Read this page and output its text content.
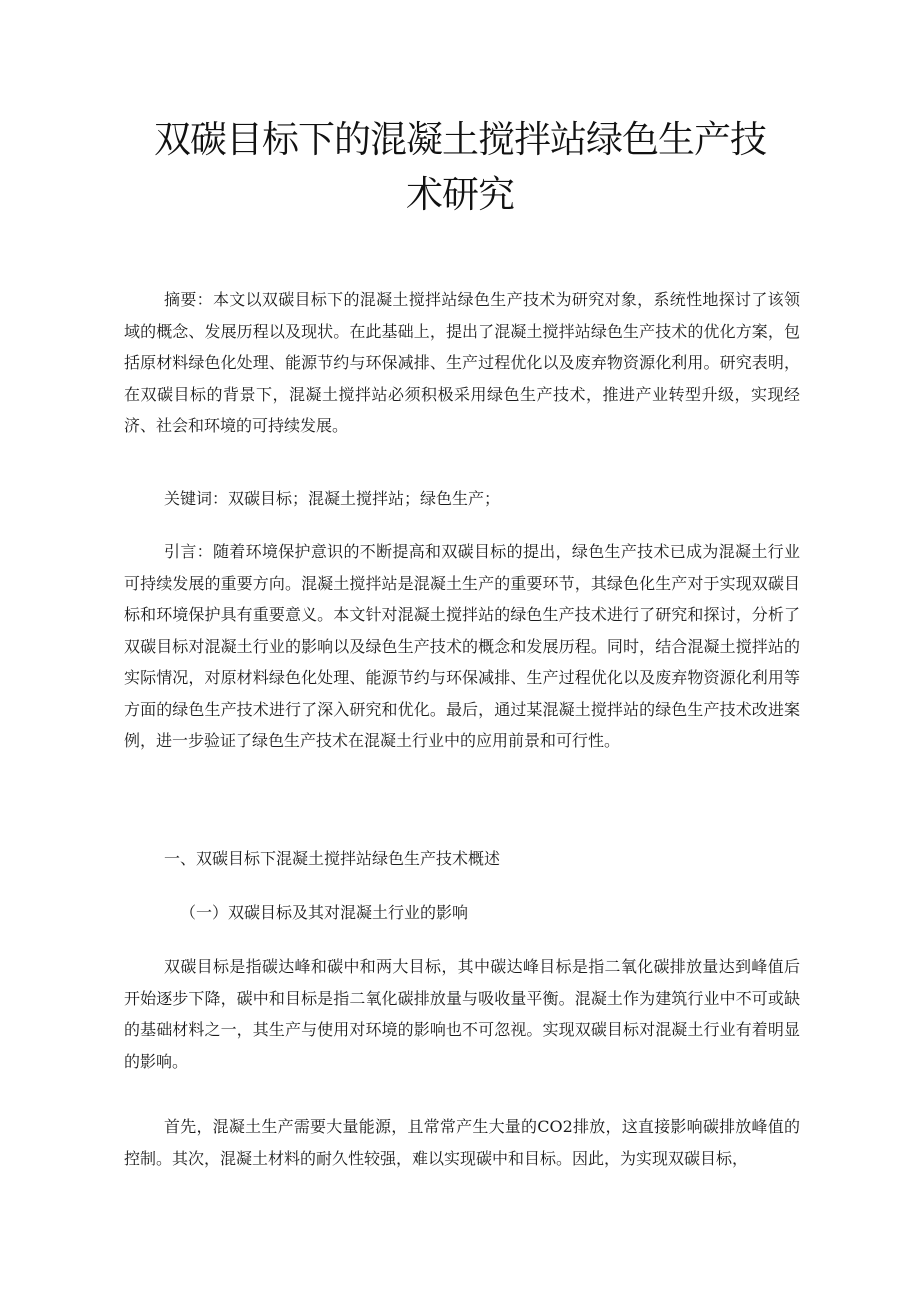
双碳目标下的混凝土搅拌站绿色生产技
术研究

摘要：本文以双碳目标下的混凝土搅拌站绿色生产技术为研究对象，系统性地探讨了该领域的概念、发展历程以及现状。在此基础上，提出了混凝土搅拌站绿色生产技术的优化方案，包括原材料绿色化处理、能源节约与环保减排、生产过程优化以及废弃物资源化利用。研究表明，在双碳目标的背景下，混凝土搅拌站必须积极采用绿色生产技术，推进产业转型升级，实现经济、社会和环境的可持续发展。

关键词：双碳目标；混凝土搅拌站；绿色生产；

引言：随着环境保护意识的不断提高和双碳目标的提出，绿色生产技术已成为混凝土行业可持续发展的重要方向。混凝土搅拌站是混凝土生产的重要环节，其绿色化生产对于实现双碳目标和环境保护具有重要意义。本文针对混凝土搅拌站的绿色生产技术进行了研究和探讨，分析了双碳目标对混凝土行业的影响以及绿色生产技术的概念和发展历程。同时，结合混凝土搅拌站的实际情况，对原材料绿色化处理、能源节约与环保减排、生产过程优化以及废弃物资源化利用等方面的绿色生产技术进行了深入研究和优化。最后，通过某混凝土搅拌站的绿色生产技术改进案例，进一步验证了绿色生产技术在混凝土行业中的应用前景和可行性。

一、双碳目标下混凝土搅拌站绿色生产技术概述

（一）双碳目标及其对混凝土行业的影响

双碳目标是指碳达峰和碳中和两大目标，其中碳达峰目标是指二氧化碳排放量达到峰值后开始逐步下降，碳中和目标是指二氧化碳排放量与吸收量平衡。混凝土作为建筑行业中不可或缺的基础材料之一，其生产与使用对环境的影响也不可忽视。实现双碳目标对混凝土行业有着明显的影响。

首先，混凝土生产需要大量能源，且常常产生大量的CO2排放，这直接影响碳排放峰值的控制。其次，混凝土材料的耐久性较强，难以实现碳中和目标。因此，为实现双碳目标，
